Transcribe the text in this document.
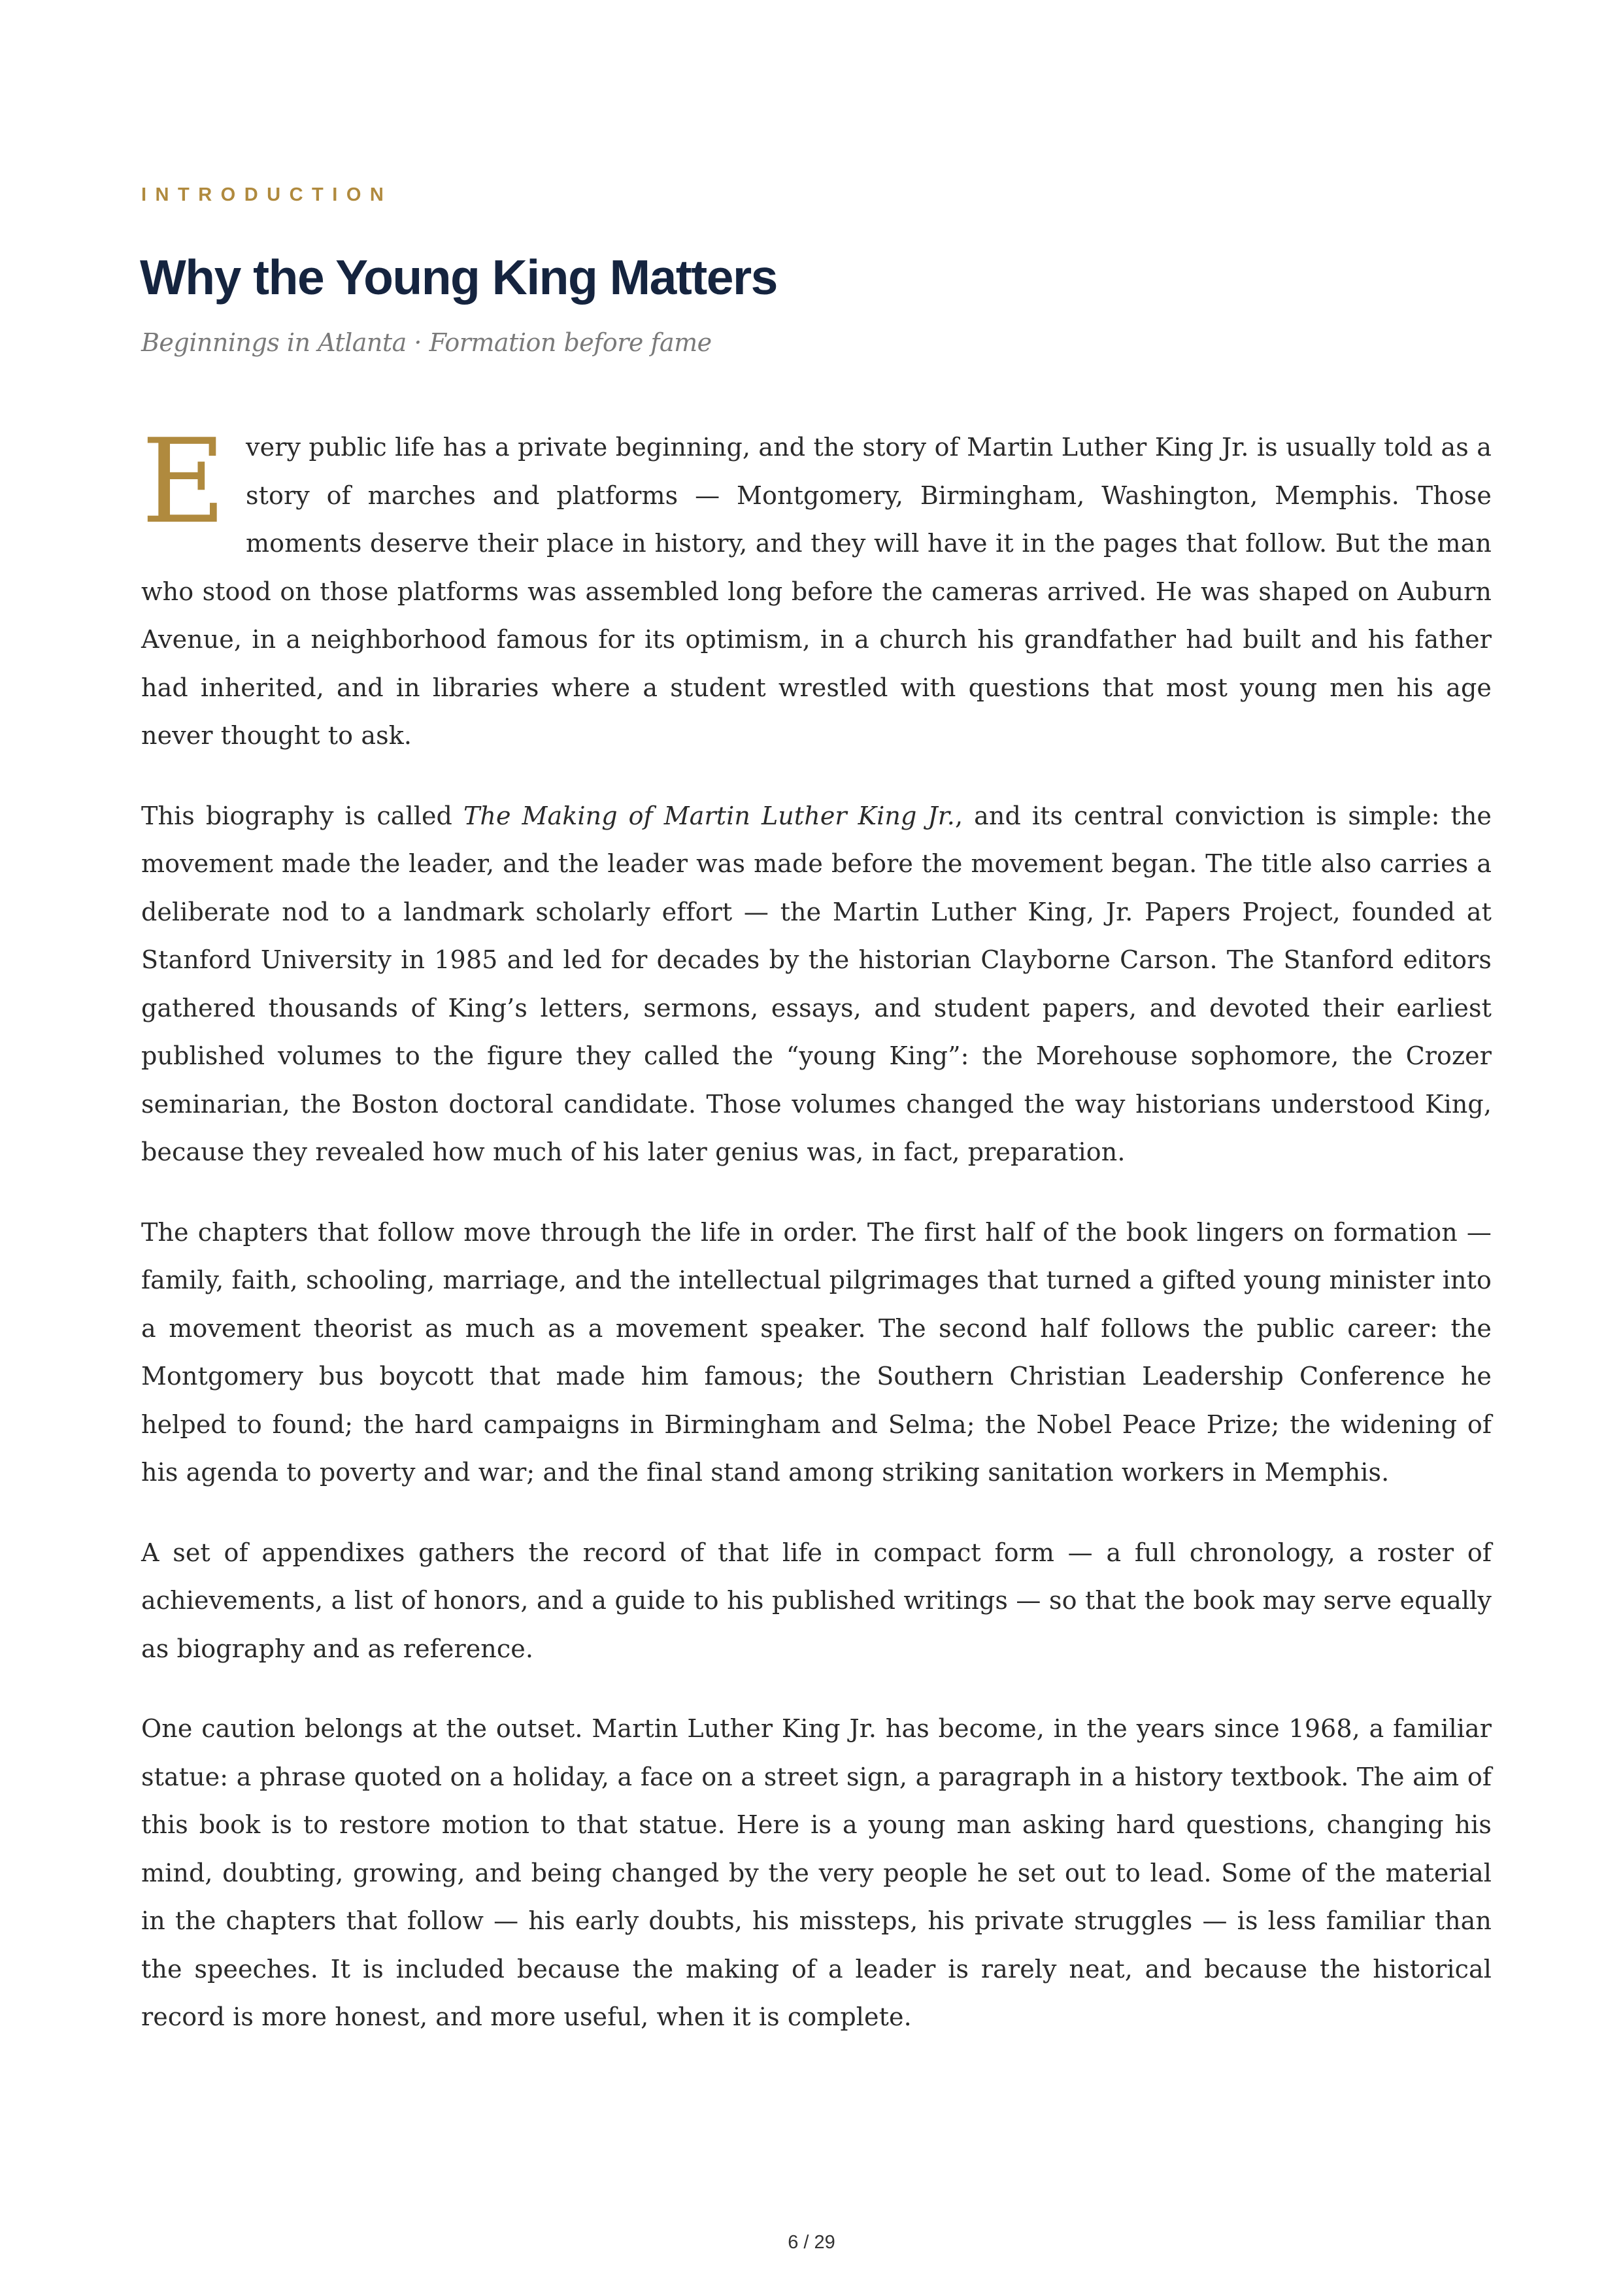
INTRODUCTION
Why the Young King Matters
Beginnings in Atlanta · Formation before fame

Every public life has a private beginning, and the story of Martin Luther King Jr. is usually told as a story of marches and platforms — Montgomery, Birmingham, Washington, Memphis. Those moments deserve their place in history, and they will have it in the pages that follow. But the man who stood on those platforms was assembled long before the cameras arrived. He was shaped on Auburn Avenue, in a neighborhood famous for its optimism, in a church his grandfather had built and his father had inherited, and in libraries where a student wrestled with questions that most young men his age never thought to ask.

This biography is called The Making of Martin Luther King Jr., and its central conviction is simple: the movement made the leader, and the leader was made before the movement began. The title also carries a deliberate nod to a landmark scholarly effort — the Martin Luther King, Jr. Papers Project, founded at Stanford University in 1985 and led for decades by the historian Clayborne Carson. The Stanford editors gathered thousands of King’s letters, sermons, essays, and student papers, and devoted their earliest published volumes to the figure they called the “young King”: the Morehouse sophomore, the Crozer seminarian, the Boston doctoral candidate. Those volumes changed the way historians understood King, because they revealed how much of his later genius was, in fact, preparation.

The chapters that follow move through the life in order. The first half of the book lingers on formation — family, faith, schooling, marriage, and the intellectual pilgrimages that turned a gifted young minister into a movement theorist as much as a movement speaker. The second half follows the public career: the Montgomery bus boycott that made him famous; the Southern Christian Leadership Conference he helped to found; the hard campaigns in Birmingham and Selma; the Nobel Peace Prize; the widening of his agenda to poverty and war; and the final stand among striking sanitation workers in Memphis.

A set of appendixes gathers the record of that life in compact form — a full chronology, a roster of achievements, a list of honors, and a guide to his published writings — so that the book may serve equally as biography and as reference.

One caution belongs at the outset. Martin Luther King Jr. has become, in the years since 1968, a familiar statue: a phrase quoted on a holiday, a face on a street sign, a paragraph in a history textbook. The aim of this book is to restore motion to that statue. Here is a young man asking hard questions, changing his mind, doubting, growing, and being changed by the very people he set out to lead. Some of the material in the chapters that follow — his early doubts, his missteps, his private struggles — is less familiar than the speeches. It is included because the making of a leader is rarely neat, and because the historical record is more honest, and more useful, when it is complete.

6 / 29
